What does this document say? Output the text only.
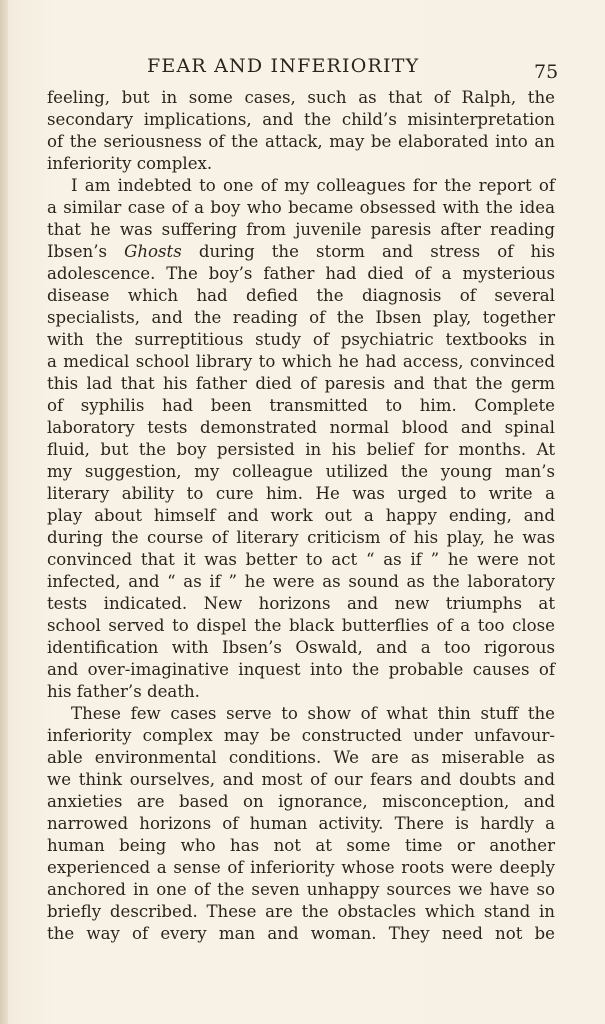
FEAR AND INFERIORITY	75
feeling, but in some cases, such as that of Ralph, the
secondary implications, and the child’s misinterpretation
of the seriousness of the attack, may be elaborated into an
inferiority complex.
I am indebted to one of my colleagues for the report of
a similar case of a boy who became obsessed with the idea
that he was suffering from juvenile paresis after reading
Ibsen’s Ghosts during the storm and stress of his
adolescence. The boy’s father had died of a mysterious
disease which had defied the diagnosis of several
specialists, and the reading of the Ibsen play, together
with the surreptitious study of psychiatric textbooks in
a medical school library to which he had access, convinced
this lad that his father died of paresis and that the germ
of syphilis had been transmitted to him. Complete
laboratory tests demonstrated normal blood and spinal
fluid, but the boy persisted in his belief for months. At
my suggestion, my colleague utilized the young man’s
literary ability to cure him. He was urged to write a
play about himself and work out a happy ending, and
during the course of literary criticism of his play, he was
convinced that it was better to act “ as if ” he were not
infected, and “ as if ” he were as sound as the laboratory
tests indicated. New horizons and new triumphs at
school served to dispel the black butterflies of a too close
identification with Ibsen’s Oswald, and a too rigorous
and over-imaginative inquest into the probable causes of
his father’s death.
These few cases serve to show of what thin stuff the
inferiority complex may be constructed under unfavour-
able environmental conditions. We are as miserable as
we think ourselves, and most of our fears and doubts and
anxieties are based on ignorance, misconception, and
narrowed horizons of human activity. There is hardly a
human being who has not at some time or another
experienced a sense of inferiority whose roots were deeply
anchored in one of the seven unhappy sources we have so
briefly described. These are the obstacles which stand in
the way of every man and woman. They need not be
